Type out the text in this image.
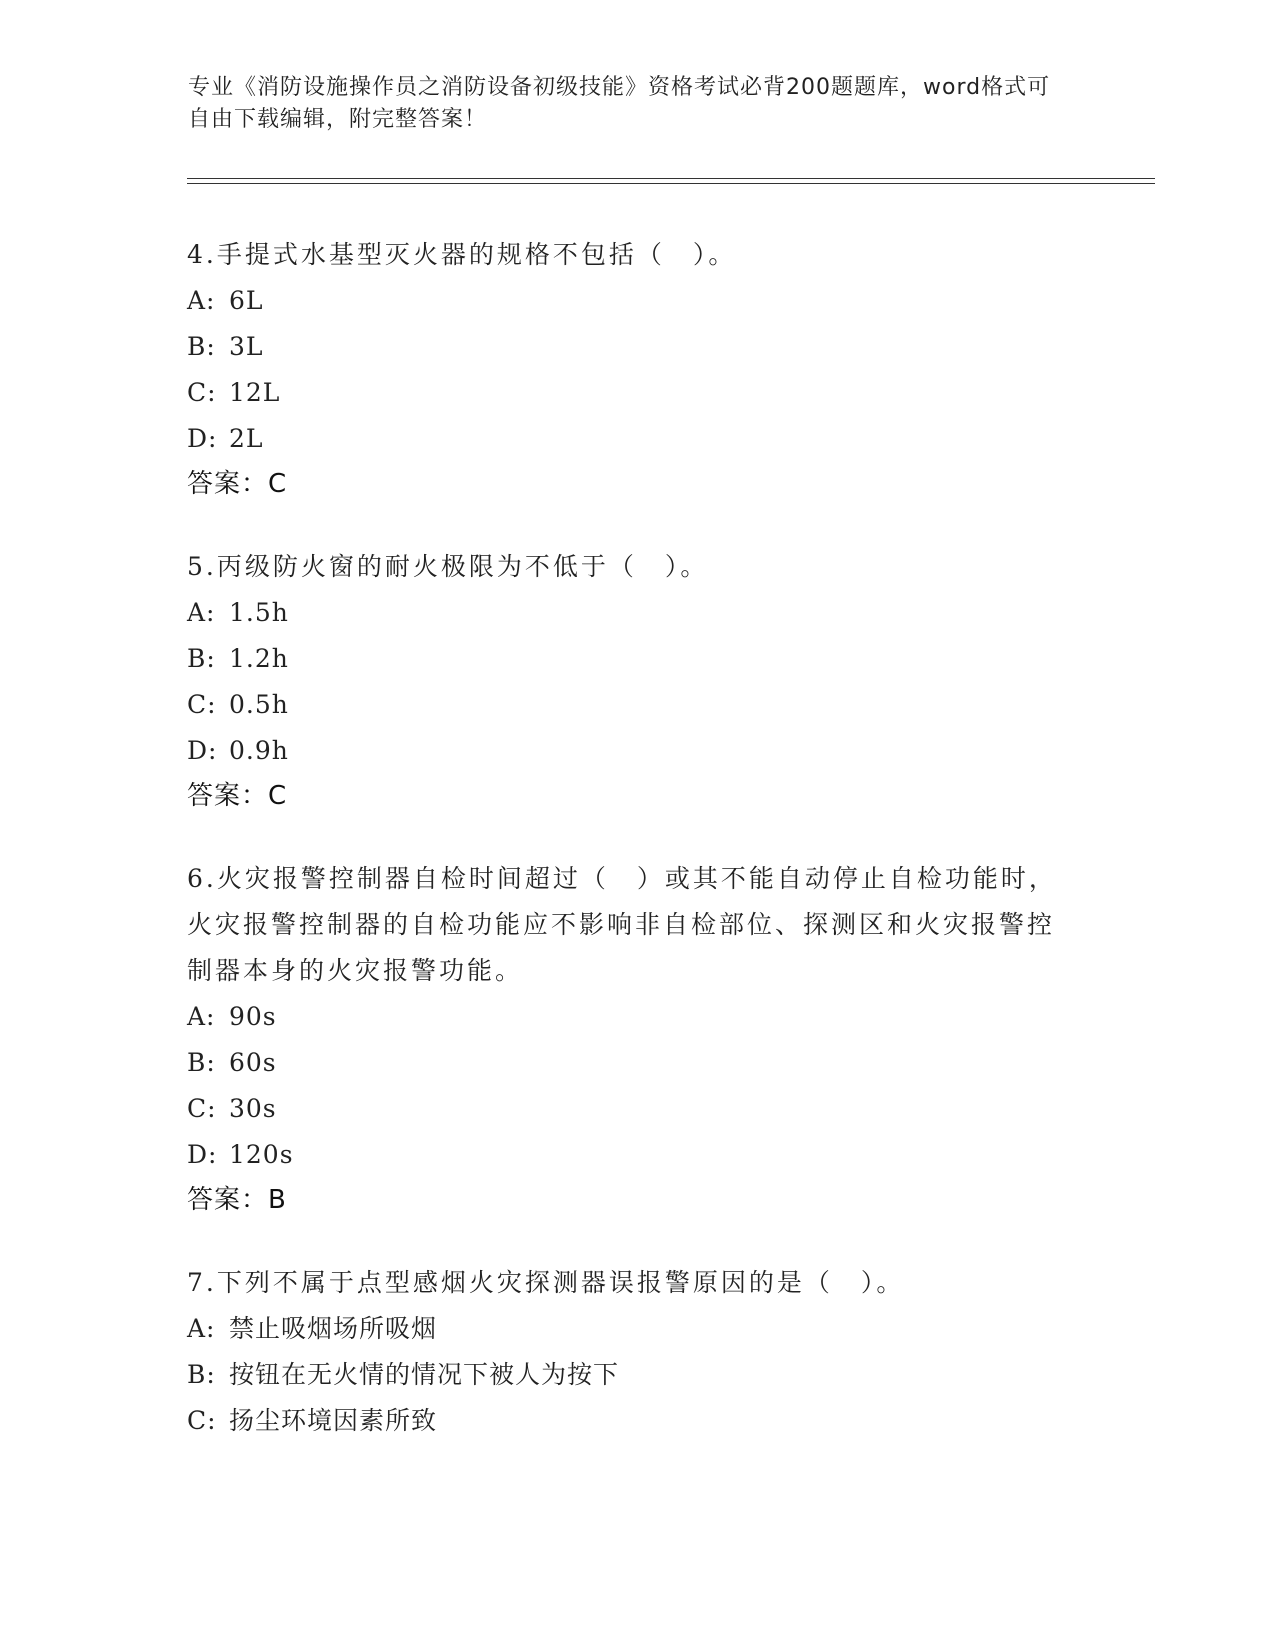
专业《消防设施操作员之消防设备初级技能》资格考试必背200题题库，word格式可自由下载编辑，附完整答案！
4.手提式水基型灭火器的规格不包括（　）。
A: 6L
B: 3L
C: 12L
D: 2L
答案：C
5.丙级防火窗的耐火极限为不低于（　）。
A: 1.5h
B: 1.2h
C: 0.5h
D: 0.9h
答案：C
6.火灾报警控制器自检时间超过（　）或其不能自动停止自检功能时，火灾报警控制器的自检功能应不影响非自检部位、探测区和火灾报警控制器本身的火灾报警功能。
A: 90s
B: 60s
C: 30s
D: 120s
答案：B
7.下列不属于点型感烟火灾探测器误报警原因的是（　）。
A: 禁止吸烟场所吸烟
B: 按钮在无火情的情况下被人为按下
C: 扬尘环境因素所致
